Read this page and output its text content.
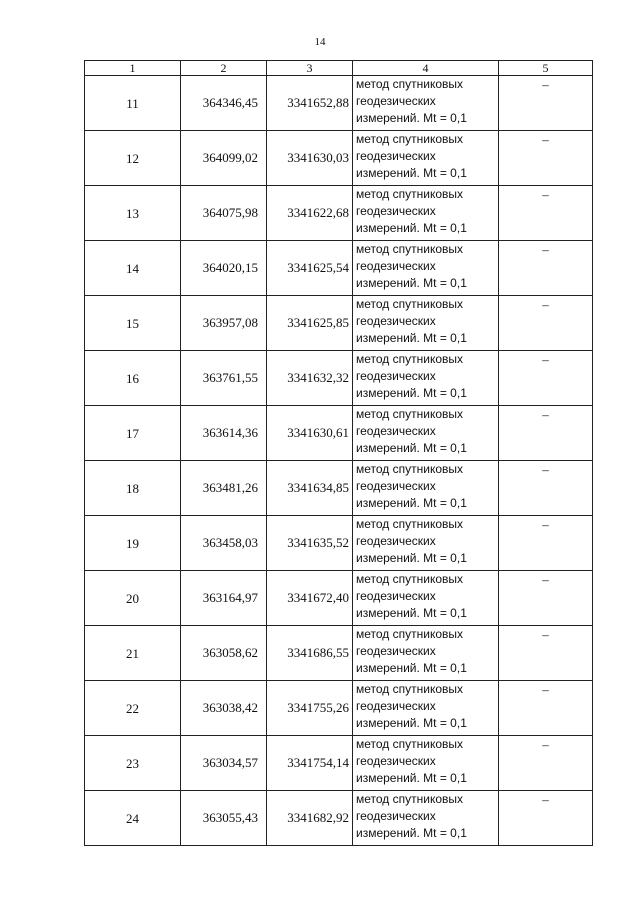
14
1	2	3	4	5
11	364346,45	3341652,88	метод спутниковых
геодезических
измерений. Mt = 0,1	–
12	364099,02	3341630,03	метод спутниковых
геодезических
измерений. Mt = 0,1	–
13	364075,98	3341622,68	метод спутниковых
геодезических
измерений. Mt = 0,1	–
14	364020,15	3341625,54	метод спутниковых
геодезических
измерений. Mt = 0,1	–
15	363957,08	3341625,85	метод спутниковых
геодезических
измерений. Mt = 0,1	–
16	363761,55	3341632,32	метод спутниковых
геодезических
измерений. Mt = 0,1	–
17	363614,36	3341630,61	метод спутниковых
геодезических
измерений. Mt = 0,1	–
18	363481,26	3341634,85	метод спутниковых
геодезических
измерений. Mt = 0,1	–
19	363458,03	3341635,52	метод спутниковых
геодезических
измерений. Mt = 0,1	–
20	363164,97	3341672,40	метод спутниковых
геодезических
измерений. Mt = 0,1	–
21	363058,62	3341686,55	метод спутниковых
геодезических
измерений. Mt = 0,1	–
22	363038,42	3341755,26	метод спутниковых
геодезических
измерений. Mt = 0,1	–
23	363034,57	3341754,14	метод спутниковых
геодезических
измерений. Mt = 0,1	–
24	363055,43	3341682,92	метод спутниковых
геодезических
измерений. Mt = 0,1	–
